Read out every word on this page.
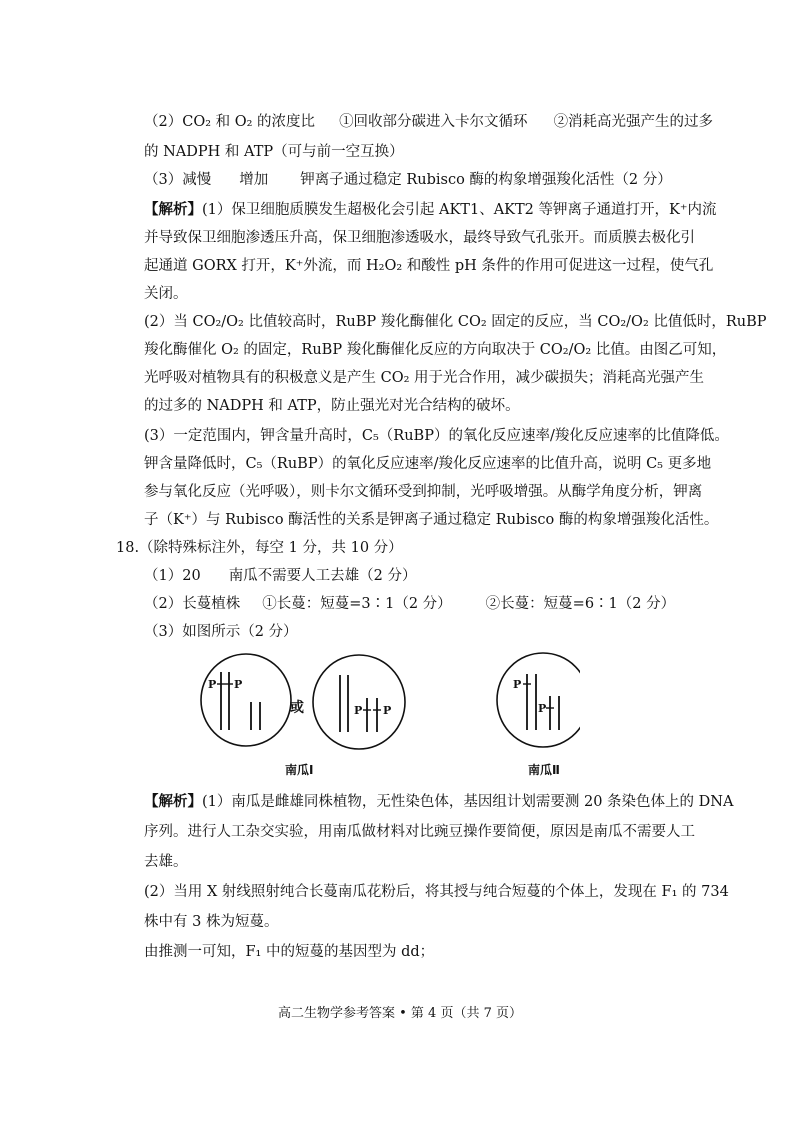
（2）CO₂ 和 O₂ 的浓度比 ①回收部分碳进入卡尔文循环 ②消耗高光强产生的过多
的 NADPH 和 ATP（可与前一空互换）
（3）减慢 增加 钾离子通过稳定 Rubisco 酶的构象增强羧化活性（2 分）
【解析】(1）保卫细胞质膜发生超极化会引起 AKT1、AKT2 等钾离子通道打开，K⁺内流
并导致保卫细胞渗透压升高，保卫细胞渗透吸水，最终导致气孔张开。而质膜去极化引
起通道 GORX 打开，K⁺外流，而 H₂O₂ 和酸性 pH 条件的作用可促进这一过程，使气孔
关闭。
(2）当 CO₂/O₂ 比值较高时，RuBP 羧化酶催化 CO₂ 固定的反应，当 CO₂/O₂ 比值低时，RuBP
羧化酶催化 O₂ 的固定，RuBP 羧化酶催化反应的方向取决于 CO₂/O₂ 比值。由图乙可知，
光呼吸对植物具有的积极意义是产生 CO₂ 用于光合作用，减少碳损失；消耗高光强产生
的过多的 NADPH 和 ATP，防止强光对光合结构的破坏。
(3）一定范围内，钾含量升高时，C₅（RuBP）的氧化反应速率/羧化反应速率的比值降低。
钾含量降低时，C₅（RuBP）的氧化反应速率/羧化反应速率的比值升高，说明 C₅ 更多地
参与氧化反应（光呼吸），则卡尔文循环受到抑制，光呼吸增强。从酶学角度分析，钾离
子（K⁺）与 Rubisco 酶活性的关系是钾离子通过稳定 Rubisco 酶的构象增强羧化活性。
18.（除特殊标注外，每空 1 分，共 10 分）
（1）20 南瓜不需要人工去雄（2 分）
（2）长蔓植株 ①长蔓：短蔓=3∶1（2 分） ②长蔓：短蔓=6∶1（2 分）
（3）如图所示（2 分）
P P
P P
P
P
或
南瓜Ⅰ	南瓜Ⅱ
【解析】(1）南瓜是雌雄同株植物，无性染色体，基因组计划需要测 20 条染色体上的 DNA
序列。进行人工杂交实验，用南瓜做材料对比豌豆操作要简便，原因是南瓜不需要人工
去雄。
(2）当用 X 射线照射纯合长蔓南瓜花粉后，将其授与纯合短蔓的个体上，发现在 F₁ 的 734
株中有 3 株为短蔓。
由推测一可知，F₁ 中的短蔓的基因型为 dd；
高二生物学参考答案 • 第 4 页（共 7 页）
